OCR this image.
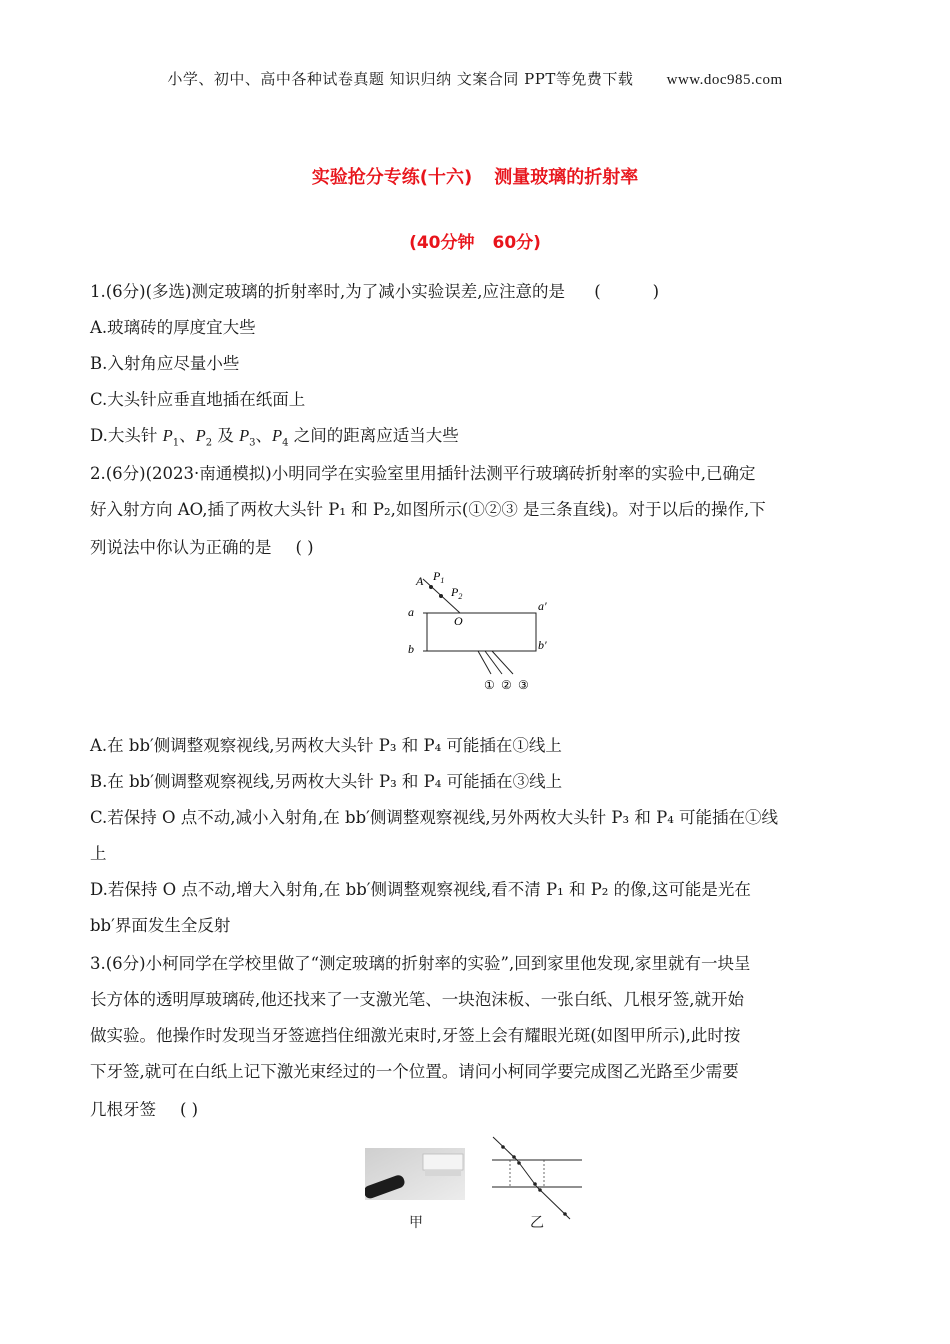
小学、初中、高中各种试卷真题 知识归纳 文案合同 PPT等免费下载 www.doc985.com
实验抢分专练(十六) 测量玻璃的折射率
(40分钟 60分)
1.(6分)(多选)测定玻璃的折射率时,为了减小实验误差,应注意的是 (	)
A.玻璃砖的厚度宜大些
B.入射角应尽量小些
C.大头针应垂直地插在纸面上
D.大头针 $P_1$、$P_2$ 及 $P_3$、$P_4$ 之间的距离应适当大些
2.(6分)(2023·南通模拟)小明同学在实验室里用插针法测平行玻璃砖折射率的实验中,已确定
好入射方向 AO,插了两枚大头针 P₁ 和 P₂,如图所示(①②③ 是三条直线)。对于以后的操作,下
列说法中你认为正确的是 ( )
A $P_1$
$P_2$
a	a′
O
b	b′
① ② ③
A.在 bb′侧调整观察视线,另两枚大头针 P₃ 和 P₄ 可能插在①线上
B.在 bb′侧调整观察视线,另两枚大头针 P₃ 和 P₄ 可能插在③线上
C.若保持 O 点不动,减小入射角,在 bb′侧调整观察视线,另外两枚大头针 P₃ 和 P₄ 可能插在①线
上
D.若保持 O 点不动,增大入射角,在 bb′侧调整观察视线,看不清 P₁ 和 P₂ 的像,这可能是光在
bb′界面发生全反射
3.(6分)小柯同学在学校里做了“测定玻璃的折射率的实验”,回到家里他发现,家里就有一块呈
长方体的透明厚玻璃砖,他还找来了一支激光笔、一块泡沫板、一张白纸、几根牙签,就开始
做实验。他操作时发现当牙签遮挡住细激光束时,牙签上会有耀眼光斑(如图甲所示),此时按
下牙签,就可在白纸上记下激光束经过的一个位置。请问小柯同学要完成图乙光路至少需要
几根牙签 ( )
甲	乙
